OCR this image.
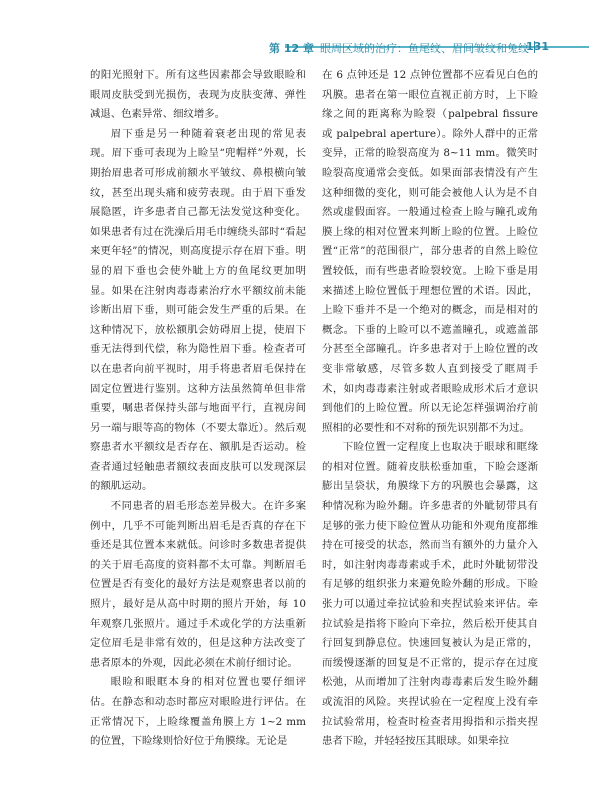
第 12 章 眼周区域的治疗：鱼尾纹、眉间皱纹和兔纹
131

的阳光照射下。所有这些因素都会导致眼睑和眼周皮肤受到光损伤，表现为皮肤变薄、弹性减退、色素异常、细纹增多。

眉下垂是另一种随着衰老出现的常见表现。眉下垂可表现为上睑呈“兜帽样”外观，长期抬眉患者可形成前额水平皱纹、鼻根横向皱纹，甚至出现头痛和疲劳表现。由于眉下垂发展隐匿，许多患者自己都无法发觉这种变化。如果患者有过在洗澡后用毛巾缠绕头部时“看起来更年轻”的情况，则高度提示存在眉下垂。明显的眉下垂也会使外眦上方的鱼尾纹更加明显。如果在注射肉毒毒素治疗水平额纹前未能诊断出眉下垂，则可能会发生严重的后果。在这种情况下，放松额肌会妨碍眉上提，使眉下垂无法得到代偿，称为隐性眉下垂。检查者可以在患者向前平视时，用手将患者眉毛保持在固定位置进行鉴别。这种方法虽然简单但非常重要，嘱患者保持头部与地面平行，直视房间另一端与眼等高的物体（不要太靠近）。然后观察患者水平额纹是否存在、额肌是否运动。检查者通过轻触患者额纹表面皮肤可以发现深层的额肌运动。

不同患者的眉毛形态差异极大。在许多案例中，几乎不可能判断出眉毛是否真的存在下垂还是其位置本来就低。问诊时多数患者提供的关于眉毛高度的资料都不太可靠。判断眉毛位置是否有变化的最好方法是观察患者以前的照片，最好是从高中时期的照片开始，每 10 年观察几张照片。通过手术或化学的方法重新定位眉毛是非常有效的，但是这种方法改变了患者原本的外观，因此必须在术前仔细讨论。

眼睑和眼眶本身的相对位置也要仔细评估。在静态和动态时都应对眼睑进行评估。在正常情况下，上睑缘覆盖角膜上方 1~2 mm 的位置，下睑缘则恰好位于角膜缘。无论是

在 6 点钟还是 12 点钟位置都不应看见白色的巩膜。患者在第一眼位直视正前方时，上下睑缘之间的距离称为睑裂（palpebral fissure 或 palpebral aperture）。除外人群中的正常变异，正常的睑裂高度为 8~11 mm。微笑时睑裂高度通常会变低。如果面部表情没有产生这种细微的变化，则可能会被他人认为是不自然或虚假面容。一般通过检查上睑与瞳孔或角膜上缘的相对位置来判断上睑的位置。上睑位置“正常”的范围很广，部分患者的自然上睑位置较低，而有些患者睑裂较宽。上睑下垂是用来描述上睑位置低于理想位置的术语。因此，上睑下垂并不是一个绝对的概念，而是相对的概念。下垂的上睑可以不遮盖瞳孔，或遮盖部分甚至全部瞳孔。许多患者对于上睑位置的改变非常敏感，尽管多数人直到接受了眶周手术，如肉毒毒素注射或者眼睑成形术后才意识到他们的上睑位置。所以无论怎样强调治疗前照相的必要性和不对称的预先识别都不为过。

下睑位置一定程度上也取决于眼球和眶缘的相对位置。随着皮肤松垂加重，下睑会逐渐膨出呈袋状，角膜缘下方的巩膜也会暴露，这种情况称为睑外翻。许多患者的外眦韧带具有足够的张力使下睑位置从功能和外观角度都维持在可接受的状态，然而当有额外的力量介入时，如注射肉毒毒素或手术，此时外眦韧带没有足够的组织张力来避免睑外翻的形成。下睑张力可以通过牵拉试验和夹捏试验来评估。牵拉试验是指将下睑向下牵拉，然后松开使其自行回复到静息位。快速回复被认为是正常的，而缓慢逐渐的回复是不正常的，提示存在过度松弛，从而增加了注射肉毒毒素后发生睑外翻或流泪的风险。夹捏试验在一定程度上没有牵拉试验常用，检查时检查者用拇指和示指夹捏患者下睑，并轻轻按压其眼球。如果牵拉
